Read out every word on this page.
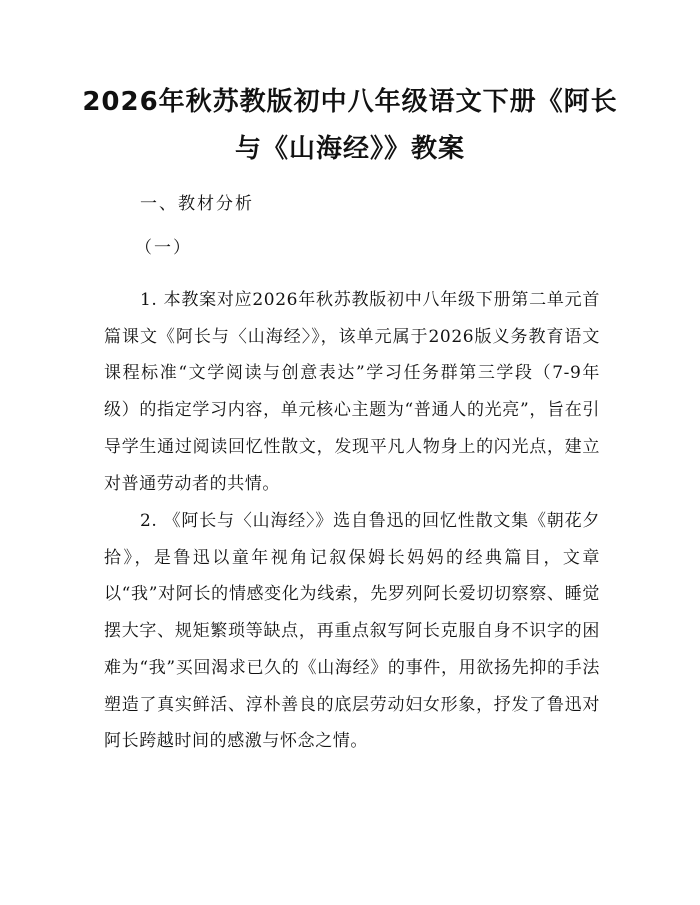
2026年秋苏教版初中八年级语文下册《阿长
与《山海经》》教案
一、教材分析
（一）

1. 本教案对应2026年秋苏教版初中八年级下册第二单元首篇课文《阿长与〈山海经〉》，该单元属于2026版义务教育语文课程标准“文学阅读与创意表达”学习任务群第三学段（7-9年级）的指定学习内容，单元核心主题为“普通人的光亮”，旨在引导学生通过阅读回忆性散文，发现平凡人物身上的闪光点，建立对普通劳动者的共情。

2. 《阿长与〈山海经〉》选自鲁迅的回忆性散文集《朝花夕拾》，是鲁迅以童年视角记叙保姆长妈妈的经典篇目，文章以“我”对阿长的情感变化为线索，先罗列阿长爱切切察察、睡觉摆大字、规矩繁琐等缺点，再重点叙写阿长克服自身不识字的困难为“我”买回渴求已久的《山海经》的事件，用欲扬先抑的手法塑造了真实鲜活、淳朴善良的底层劳动妇女形象，抒发了鲁迅对阿长跨越时间的感激与怀念之情。
